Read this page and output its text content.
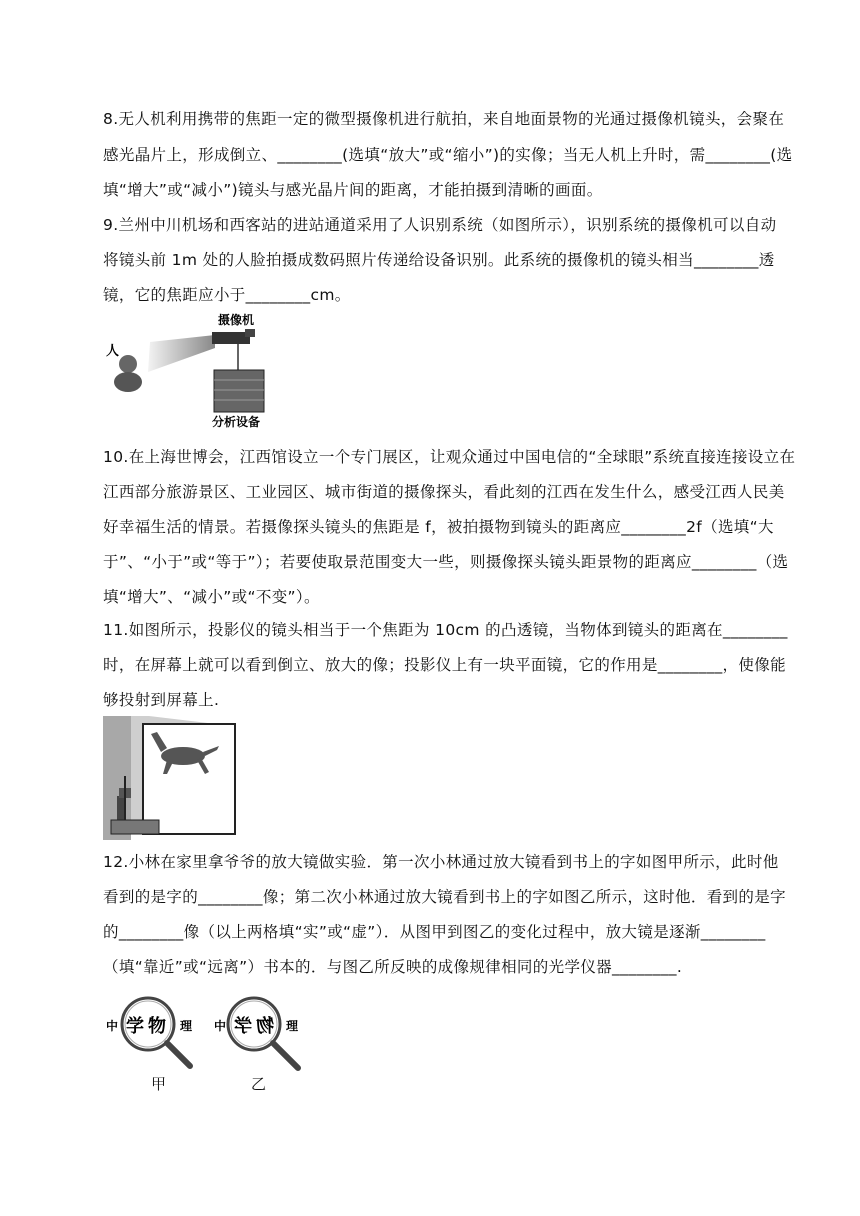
8.无人机利用携带的焦距一定的微型摄像机进行航拍，来自地面景物的光通过摄像机镜头，会聚在
感光晶片上，形成倒立、________(选填“放大”或“缩小”)的实像；当无人机上升时，需________(选
填“增大”或“减小”)镜头与感光晶片间的距离，才能拍摄到清晰的画面。
9.兰州中川机场和西客站的进站通道采用了人识别系统（如图所示），识别系统的摄像机可以自动
将镜头前 1m 处的人脸拍摄成数码照片传递给设备识别。此系统的摄像机的镜头相当________透
镜，它的焦距应小于________cm。
人
摄像机
分析设备
10.在上海世博会，江西馆设立一个专门展区，让观众通过中国电信的“全球眼”系统直接连接设立在
江西部分旅游景区、工业园区、城市街道的摄像探头，看此刻的江西在发生什么，感受江西人民美
好幸福生活的情景。若摄像探头镜头的焦距是 f，被拍摄物到镜头的距离应________2f（选填“大
于”、“小于”或“等于”）；若要使取景范围变大一些，则摄像探头镜头距景物的距离应________（选
填“增大”、“减小”或“不变”）。
11.如图所示，投影仪的镜头相当于一个焦距为 10cm 的凸透镜，当物体到镜头的距离在________
时，在屏幕上就可以看到倒立、放大的像；投影仪上有一块平面镜，它的作用是________，使像能
够投射到屏幕上.
12.小林在家里拿爷爷的放大镜做实验．第一次小林通过放大镜看到书上的字如图甲所示，此时他
看到的是字的________像；第二次小林通过放大镜看到书上的字如图乙所示，这时他．看到的是字
的________像（以上两格填“实”或“虚”）．从图甲到图乙的变化过程中，放大镜是逐渐________
（填“靠近”或“远离”）书本的．与图乙所反映的成像规律相同的光学仪器________.
中 学 物 理
甲
中 物
学	理
乙
